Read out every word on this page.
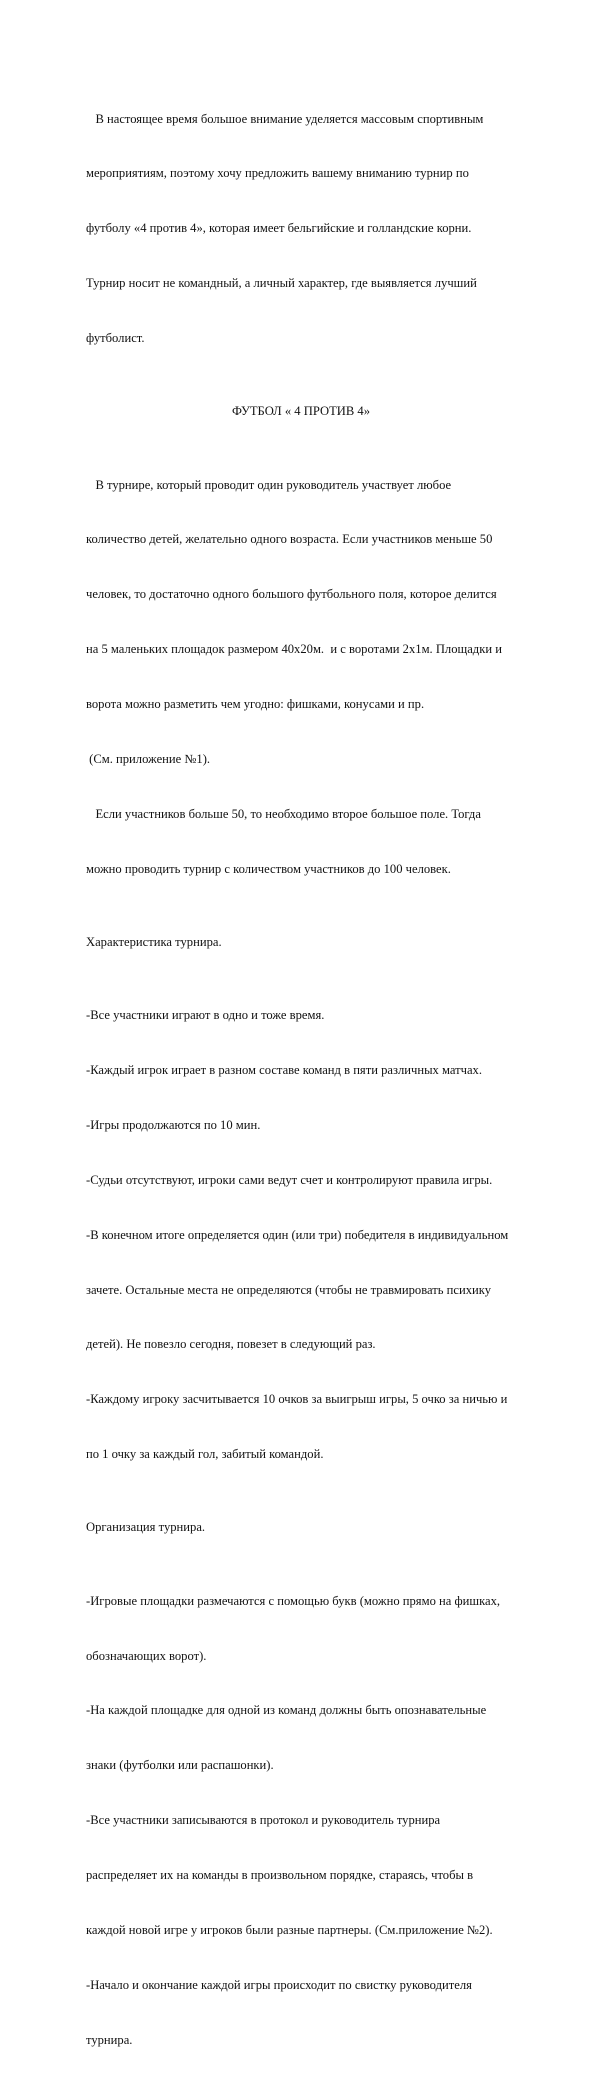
В настоящее время большое внимание уделяется массовым спортивным

мероприятиям, поэтому хочу предложить вашему вниманию турнир по

футболу «4 против 4», которая имеет бельгийские и голландские корни.

Турнир носит не командный, а личный характер, где выявляется лучший

футболист.

ФУТБОЛ « 4 ПРОТИВ 4»

В турнире, который проводит один руководитель участвует любое

количество детей, желательно одного возраста. Если участников меньше 50

человек, то достаточно одного большого футбольного поля, которое делится

на 5 маленьких площадок размером 40х20м.  и с воротами 2х1м. Площадки и

ворота можно разметить чем угодно: фишками, конусами и пр.

(См. приложение №1).

Если участников больше 50, то необходимо второе большое поле. Тогда

можно проводить турнир с количеством участников до 100 человек.

Характеристика турнира.

-Все участники играют в одно и тоже время.

-Каждый игрок играет в разном составе команд в пяти различных матчах.

-Игры продолжаются по 10 мин.

-Судьи отсутствуют, игроки сами ведут счет и контролируют правила игры.

-В конечном итоге определяется один (или три) победителя в индивидуальном

зачете. Остальные места не определяются (чтобы не травмировать психику

детей). Не повезло сегодня, повезет в следующий раз.

-Каждому игроку засчитывается 10 очков за выигрыш игры, 5 очко за ничью и

по 1 очку за каждый гол, забитый командой.

Организация турнира.

-Игровые площадки размечаются с помощью букв (можно прямо на фишках,

обозначающих ворот).

-На каждой площадке для одной из команд должны быть опознавательные

знаки (футболки или распашонки).

-Все участники записываются в протокол и руководитель турнира

распределяет их на команды в произвольном порядке, стараясь, чтобы в

каждой новой игре у игроков были разные партнеры. (См.приложение №2).

-Начало и окончание каждой игры происходит по свистку руководителя

турнира.
